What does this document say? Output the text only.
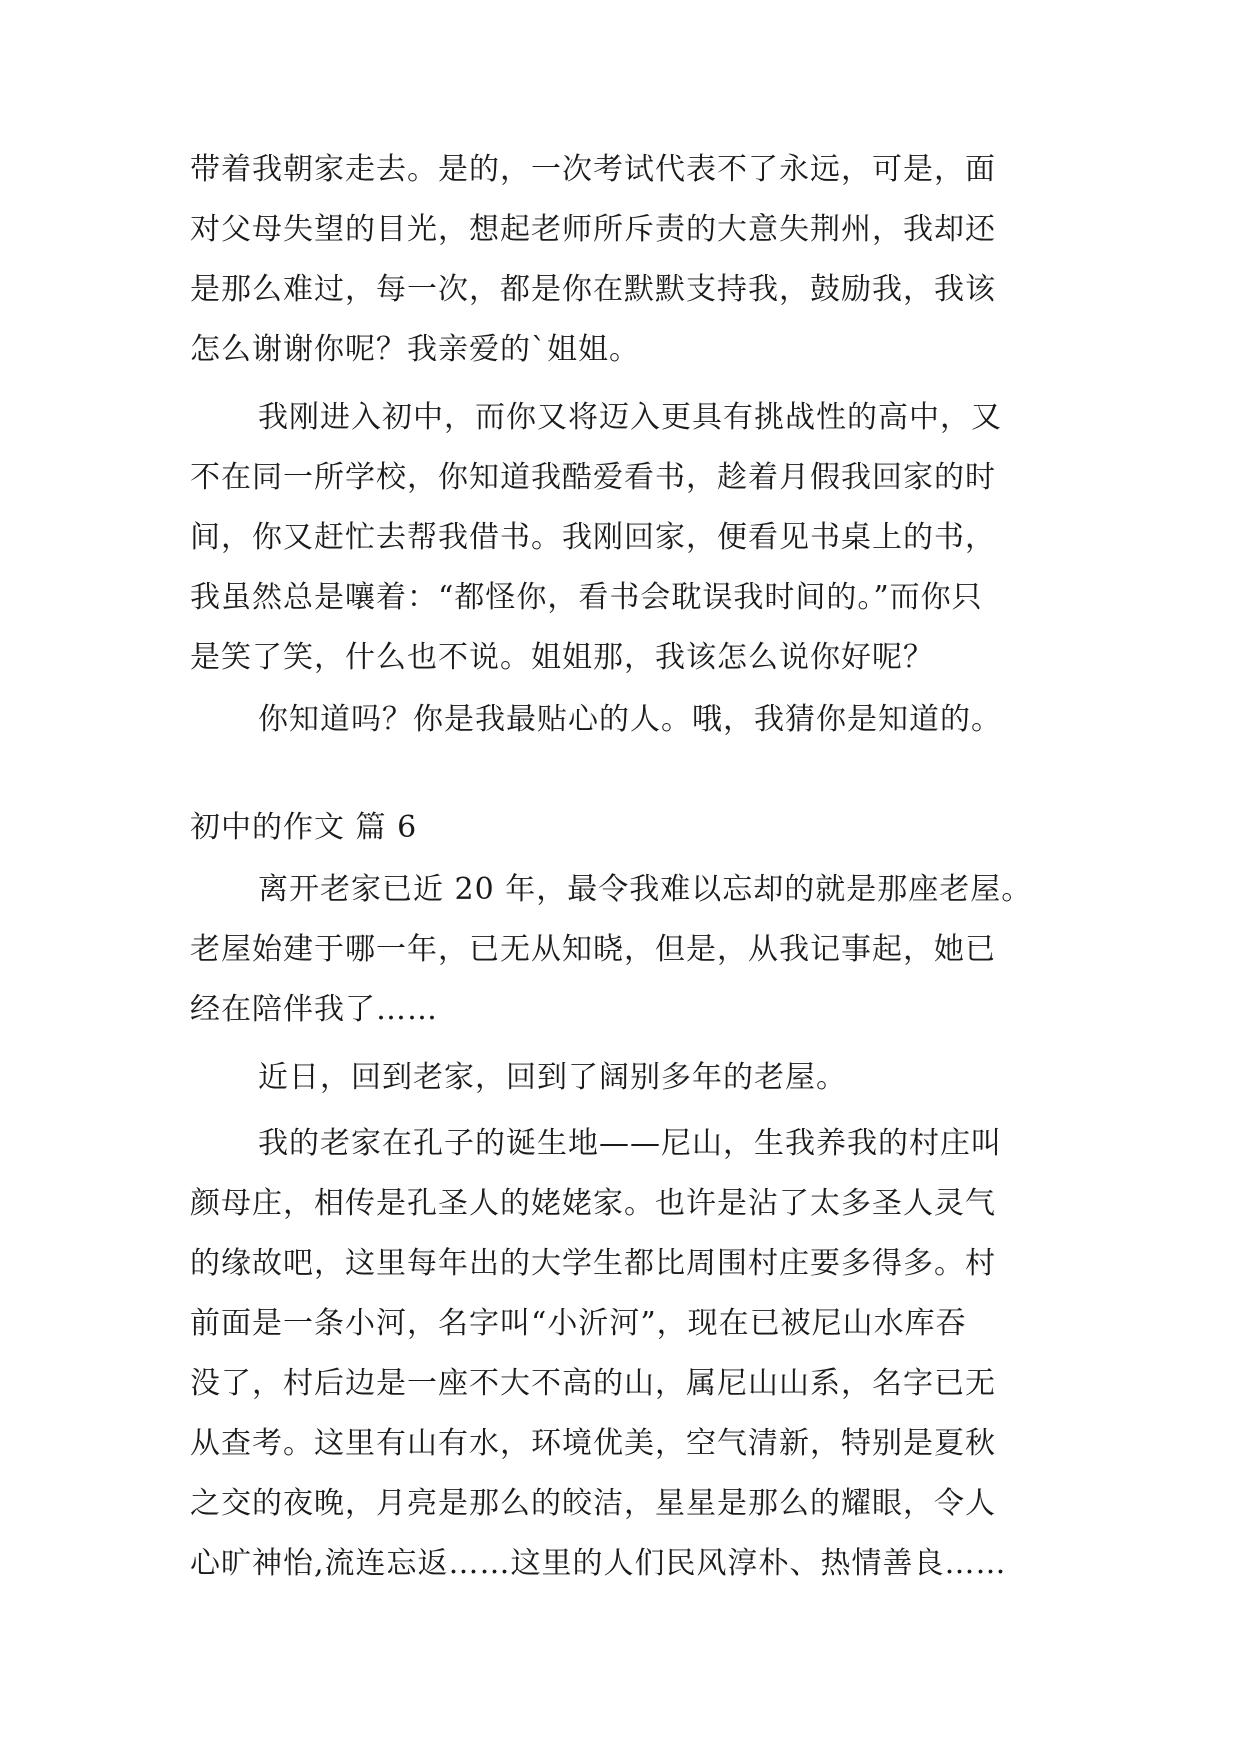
带着我朝家走去。是的，一次考试代表不了永远，可是，面
对父母失望的目光，想起老师所斥责的大意失荆州，我却还
是那么难过，每一次，都是你在默默支持我，鼓励我，我该
怎么谢谢你呢？我亲爱的`姐姐。
我刚进入初中，而你又将迈入更具有挑战性的高中，又
不在同一所学校，你知道我酷爱看书，趁着月假我回家的时
间，你又赶忙去帮我借书。我刚回家，便看见书桌上的书，
我虽然总是嚷着：“都怪你，看书会耽误我时间的。”而你只
是笑了笑，什么也不说。姐姐那，我该怎么说你好呢？
你知道吗？你是我最贴心的人。哦，我猜你是知道的。
初中的作文 篇 6
离开老家已近 20 年，最令我难以忘却的就是那座老屋。
老屋始建于哪一年，已无从知晓，但是，从我记事起，她已
经在陪伴我了……
近日，回到老家，回到了阔别多年的老屋。
我的老家在孔子的诞生地——尼山，生我养我的村庄叫
颜母庄，相传是孔圣人的姥姥家。也许是沾了太多圣人灵气
的缘故吧，这里每年出的大学生都比周围村庄要多得多。村
前面是一条小河，名字叫“小沂河”，现在已被尼山水库吞
没了，村后边是一座不大不高的山，属尼山山系，名字已无
从查考。这里有山有水，环境优美，空气清新，特别是夏秋
之交的夜晚，月亮是那么的皎洁，星星是那么的耀眼，令人
心旷神怡,流连忘返……这里的人们民风淳朴、热情善良……
